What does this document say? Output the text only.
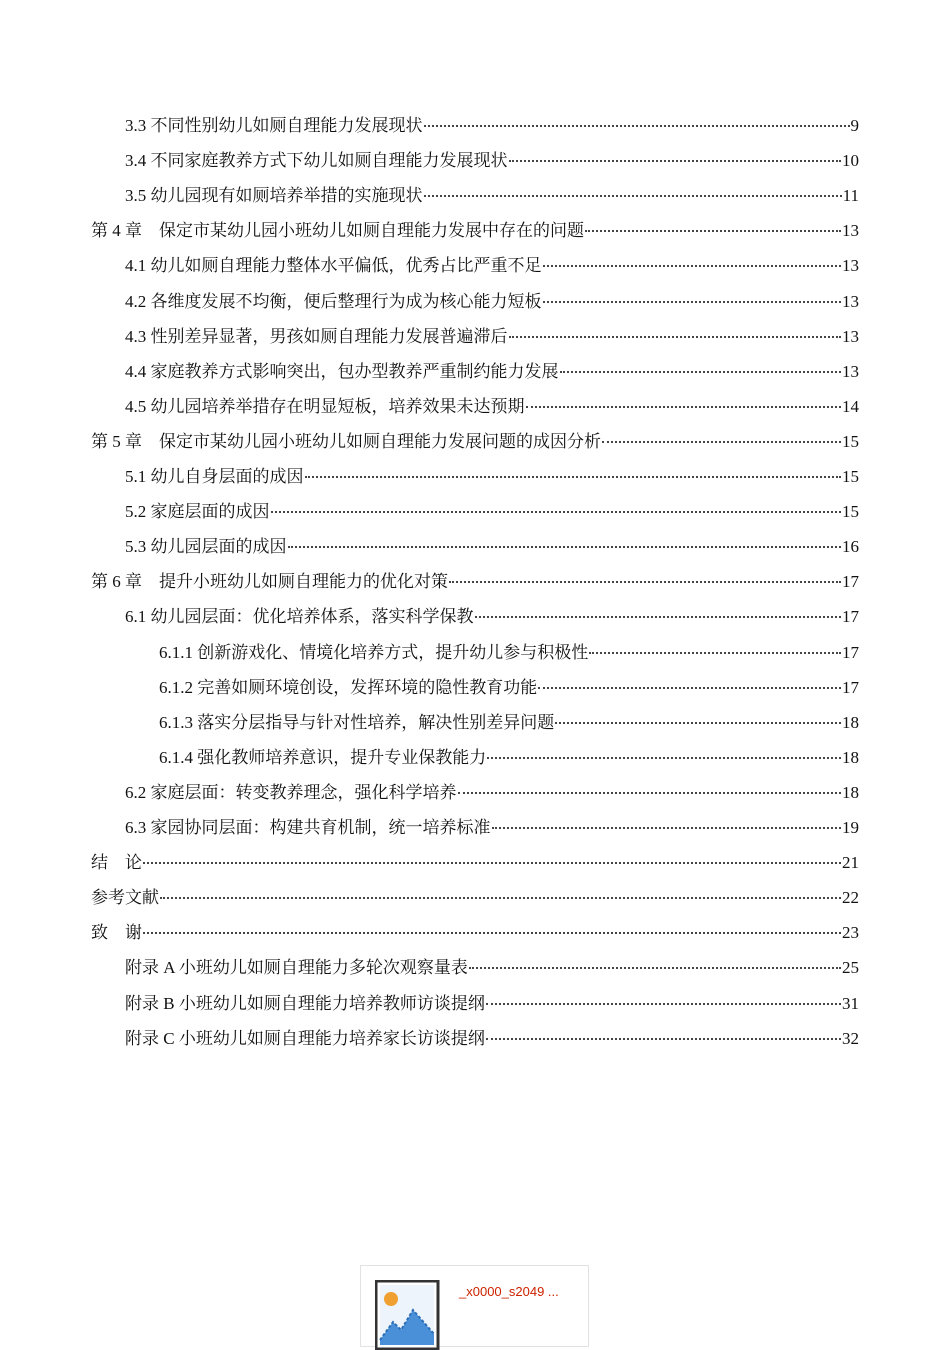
3.3 不同性别幼儿如厕自理能力发展现状	9
3.4 不同家庭教养方式下幼儿如厕自理能力发展现状	10
3.5 幼儿园现有如厕培养举措的实施现状	11
第 4 章    保定市某幼儿园小班幼儿如厕自理能力发展中存在的问题	13
4.1 幼儿如厕自理能力整体水平偏低，优秀占比严重不足	13
4.2 各维度发展不均衡，便后整理行为成为核心能力短板	13
4.3 性别差异显著，男孩如厕自理能力发展普遍滞后	13
4.4 家庭教养方式影响突出，包办型教养严重制约能力发展	13
4.5 幼儿园培养举措存在明显短板，培养效果未达预期	14
第 5 章    保定市某幼儿园小班幼儿如厕自理能力发展问题的成因分析	15
5.1 幼儿自身层面的成因	15
5.2 家庭层面的成因	15
5.3 幼儿园层面的成因	16
第 6 章    提升小班幼儿如厕自理能力的优化对策	17
6.1 幼儿园层面：优化培养体系，落实科学保教	17
6.1.1 创新游戏化、情境化培养方式，提升幼儿参与积极性	17
6.1.2 完善如厕环境创设，发挥环境的隐性教育功能	17
6.1.3 落实分层指导与针对性培养，解决性别差异问题	18
6.1.4 强化教师培养意识，提升专业保教能力	18
6.2 家庭层面：转变教养理念，强化科学培养	18
6.3 家园协同层面：构建共育机制，统一培养标准	19
结    论	21
参考文献	22
致    谢	23
附录 A 小班幼儿如厕自理能力多轮次观察量表	25
附录 B 小班幼儿如厕自理能力培养教师访谈提纲	31
附录 C 小班幼儿如厕自理能力培养家长访谈提纲	32
_x0000_s2049 ...
